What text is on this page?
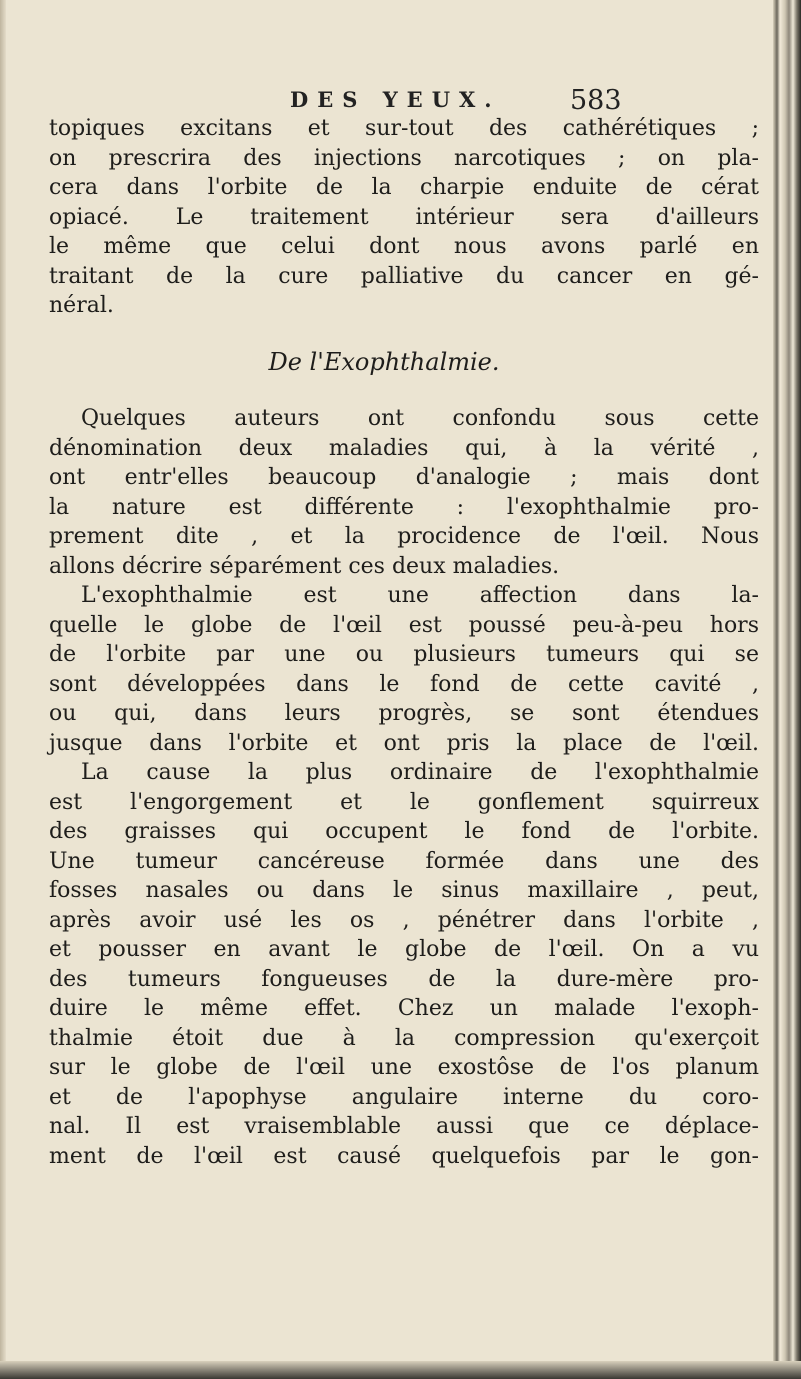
DES YEUX.	583
topiques excitans et sur-tout des cathérétiques ;
on prescrira des injections narcotiques ; on pla-
cera dans l'orbite de la charpie enduite de cérat
opiacé. Le traitement intérieur sera d'ailleurs
le même que celui dont nous avons parlé en
traitant de la cure palliative du cancer en gé-
néral.
De l'Exophthalmie.
Quelques auteurs ont confondu sous cette
dénomination deux maladies qui, à la vérité ,
ont entr'elles beaucoup d'analogie ; mais dont
la nature est différente : l'exophthalmie pro-
prement dite , et la procidence de l'œil. Nous
allons décrire séparément ces deux maladies.
L'exophthalmie est une affection dans la-
quelle le globe de l'œil est poussé peu-à-peu hors
de l'orbite par une ou plusieurs tumeurs qui se
sont développées dans le fond de cette cavité ,
ou qui, dans leurs progrès, se sont étendues
jusque dans l'orbite et ont pris la place de l'œil.
La cause la plus ordinaire de l'exophthalmie
est l'engorgement et le gonflement squirreux
des graisses qui occupent le fond de l'orbite.
Une tumeur cancéreuse formée dans une des
fosses nasales ou dans le sinus maxillaire , peut,
après avoir usé les os , pénétrer dans l'orbite ,
et pousser en avant le globe de l'œil. On a vu
des tumeurs fongueuses de la dure-mère pro-
duire le même effet. Chez un malade l'exoph-
thalmie étoit due à la compression qu'exerçoit
sur le globe de l'œil une exostôse de l'os planum
et de l'apophyse angulaire interne du coro-
nal. Il est vraisemblable aussi que ce déplace-
ment de l'œil est causé quelquefois par le gon-
